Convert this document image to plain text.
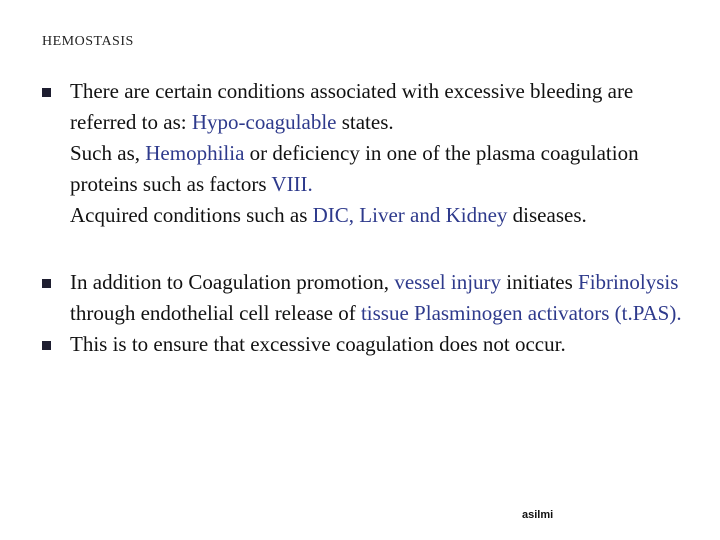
HEMOSTASIS
There are certain conditions associated with excessive bleeding are referred to as: Hypo-coagulable states.
Such as, Hemophilia or deficiency in one of the plasma coagulation proteins such as factors VIII.
Acquired conditions such as DIC, Liver and Kidney diseases.
In addition to Coagulation promotion, vessel injury initiates Fibrinolysis through endothelial cell release of tissue Plasminogen activators (t.PAS).
This is to ensure that excessive coagulation does not occur.
asilmi
